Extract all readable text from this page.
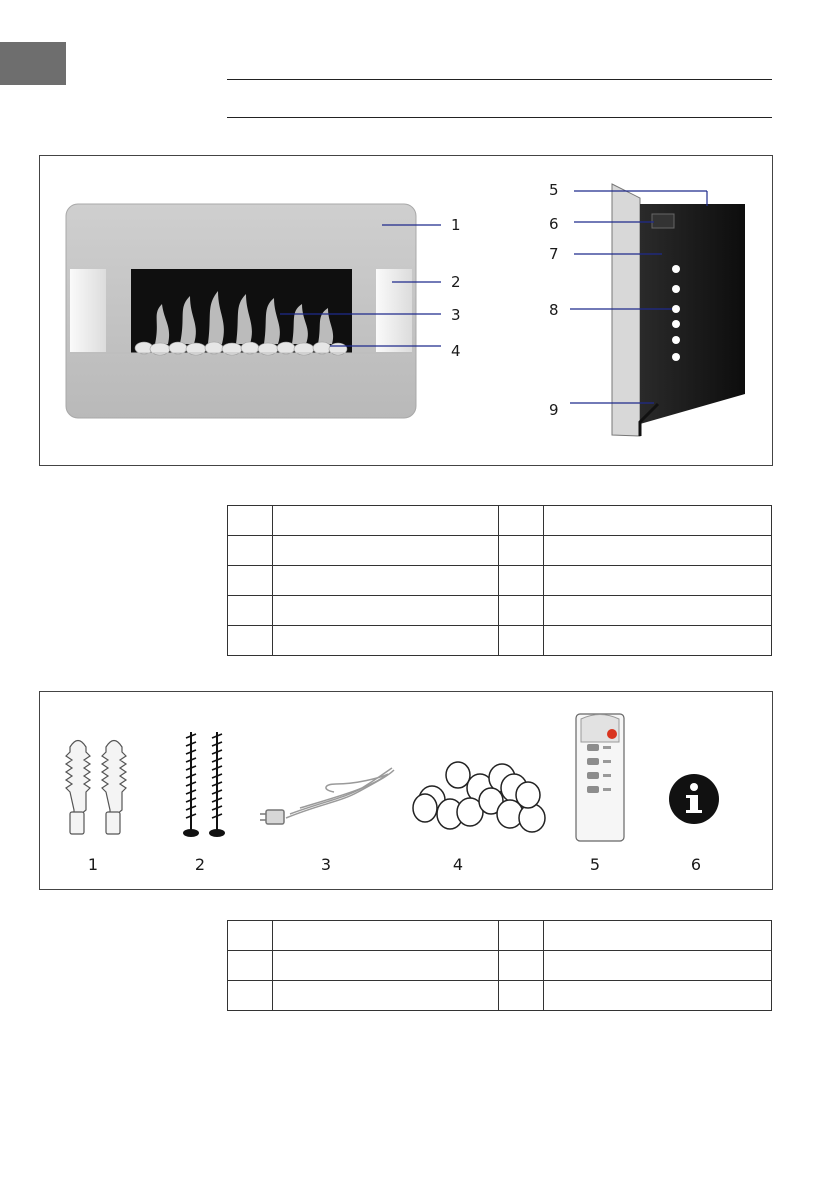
1
2
3
4
5
6
7
8
9

1	2	3	4	5	6
